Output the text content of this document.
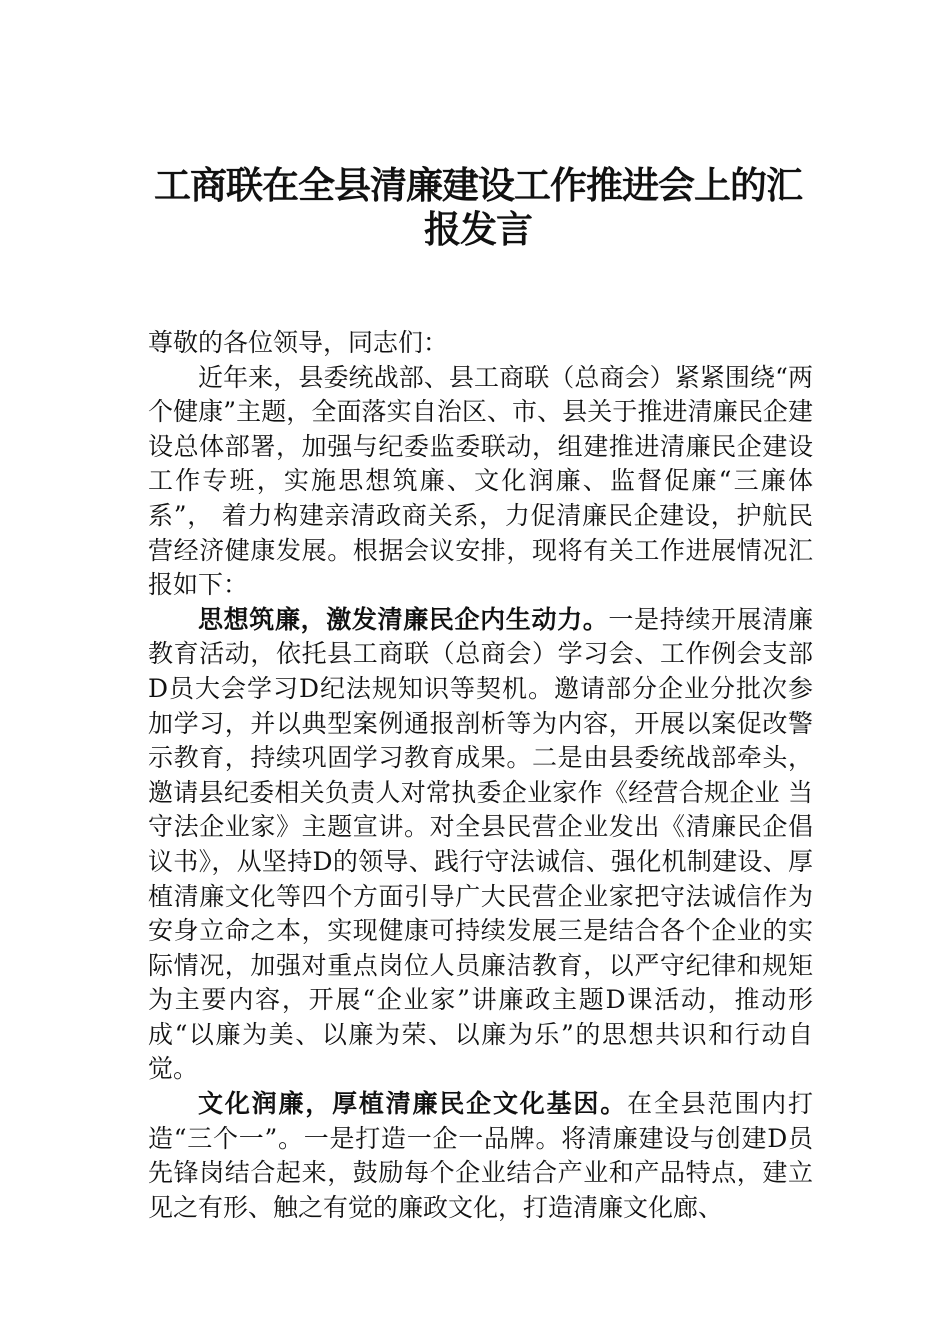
工商联在全县清廉建设工作推进会上的汇
报发言

尊敬的各位领导，同志们：

近年来，县委统战部、县工商联（总商会）紧紧围绕“两个健康”主题，全面落实自治区、市、县关于推进清廉民企建设总体部署，加强与纪委监委联动，组建推进清廉民企建设工作专班，实施思想筑廉、文化润廉、监督促廉“三廉体系”， 着力构建亲清政商关系，力促清廉民企建设，护航民营经济健康发展。根据会议安排，现将有关工作进展情况汇报如下：

思想筑廉，激发清廉民企内生动力。一是持续开展清廉教育活动，依托县工商联（总商会）学习会、工作例会支部D员大会学习D纪法规知识等契机。邀请部分企业分批次参加学习，并以典型案例通报剖析等为内容，开展以案促改警示教育，持续巩固学习教育成果。二是由县委统战部牵头，邀请县纪委相关负责人对常执委企业家作《经营合规企业 当守法企业家》主题宣讲。对全县民营企业发出《清廉民企倡议书》，从坚持D的领导、践行守法诚信、强化机制建设、厚植清廉文化等四个方面引导广大民营企业家把守法诚信作为安身立命之本，实现健康可持续发展三是结合各个企业的实际情况，加强对重点岗位人员廉洁教育，以严守纪律和规矩为主要内容，开展“企业家”讲廉政主题D课活动，推动形成“以廉为美、以廉为荣、以廉为乐”的思想共识和行动自觉。

文化润廉，厚植清廉民企文化基因。在全县范围内打造“三个一”。一是打造一企一品牌。将清廉建设与创建D员先锋岗结合起来，鼓励每个企业结合产业和产品特点，建立见之有形、触之有觉的廉政文化，打造清廉文化廊、
